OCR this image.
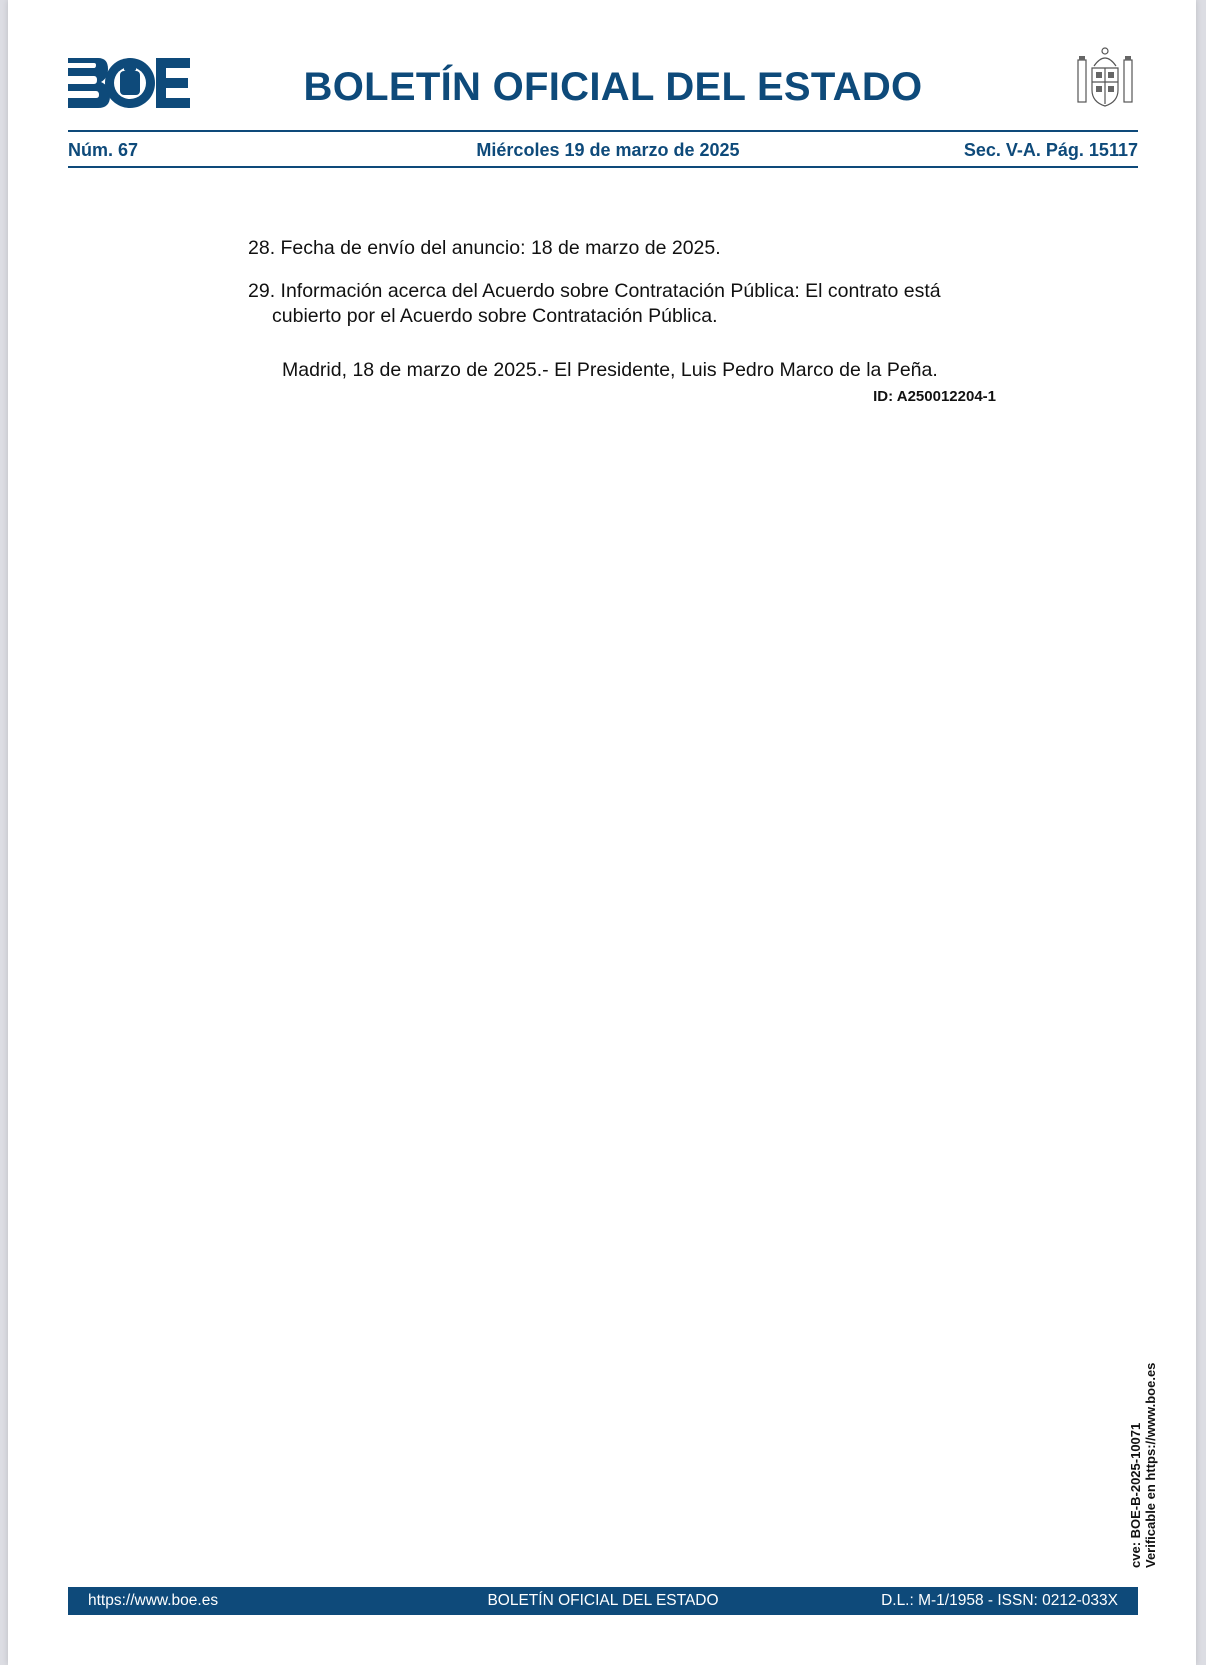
BOLETÍN OFICIAL DEL ESTADO
Núm. 67	Miércoles 19 de marzo de 2025	Sec. V-A. Pág. 15117
28. Fecha de envío del anuncio: 18 de marzo de 2025.
29. Información acerca del Acuerdo sobre Contratación Pública: El contrato está
cubierto por el Acuerdo sobre Contratación Pública.
Madrid, 18 de marzo de 2025.- El Presidente, Luis Pedro Marco de la Peña.
ID: A250012204-1
cve: BOE-B-2025-10071 Verificable en https://www.boe.es
https://www.boe.es	BOLETÍN OFICIAL DEL ESTADO	D.L.: M-1/1958 - ISSN: 0212-033X
